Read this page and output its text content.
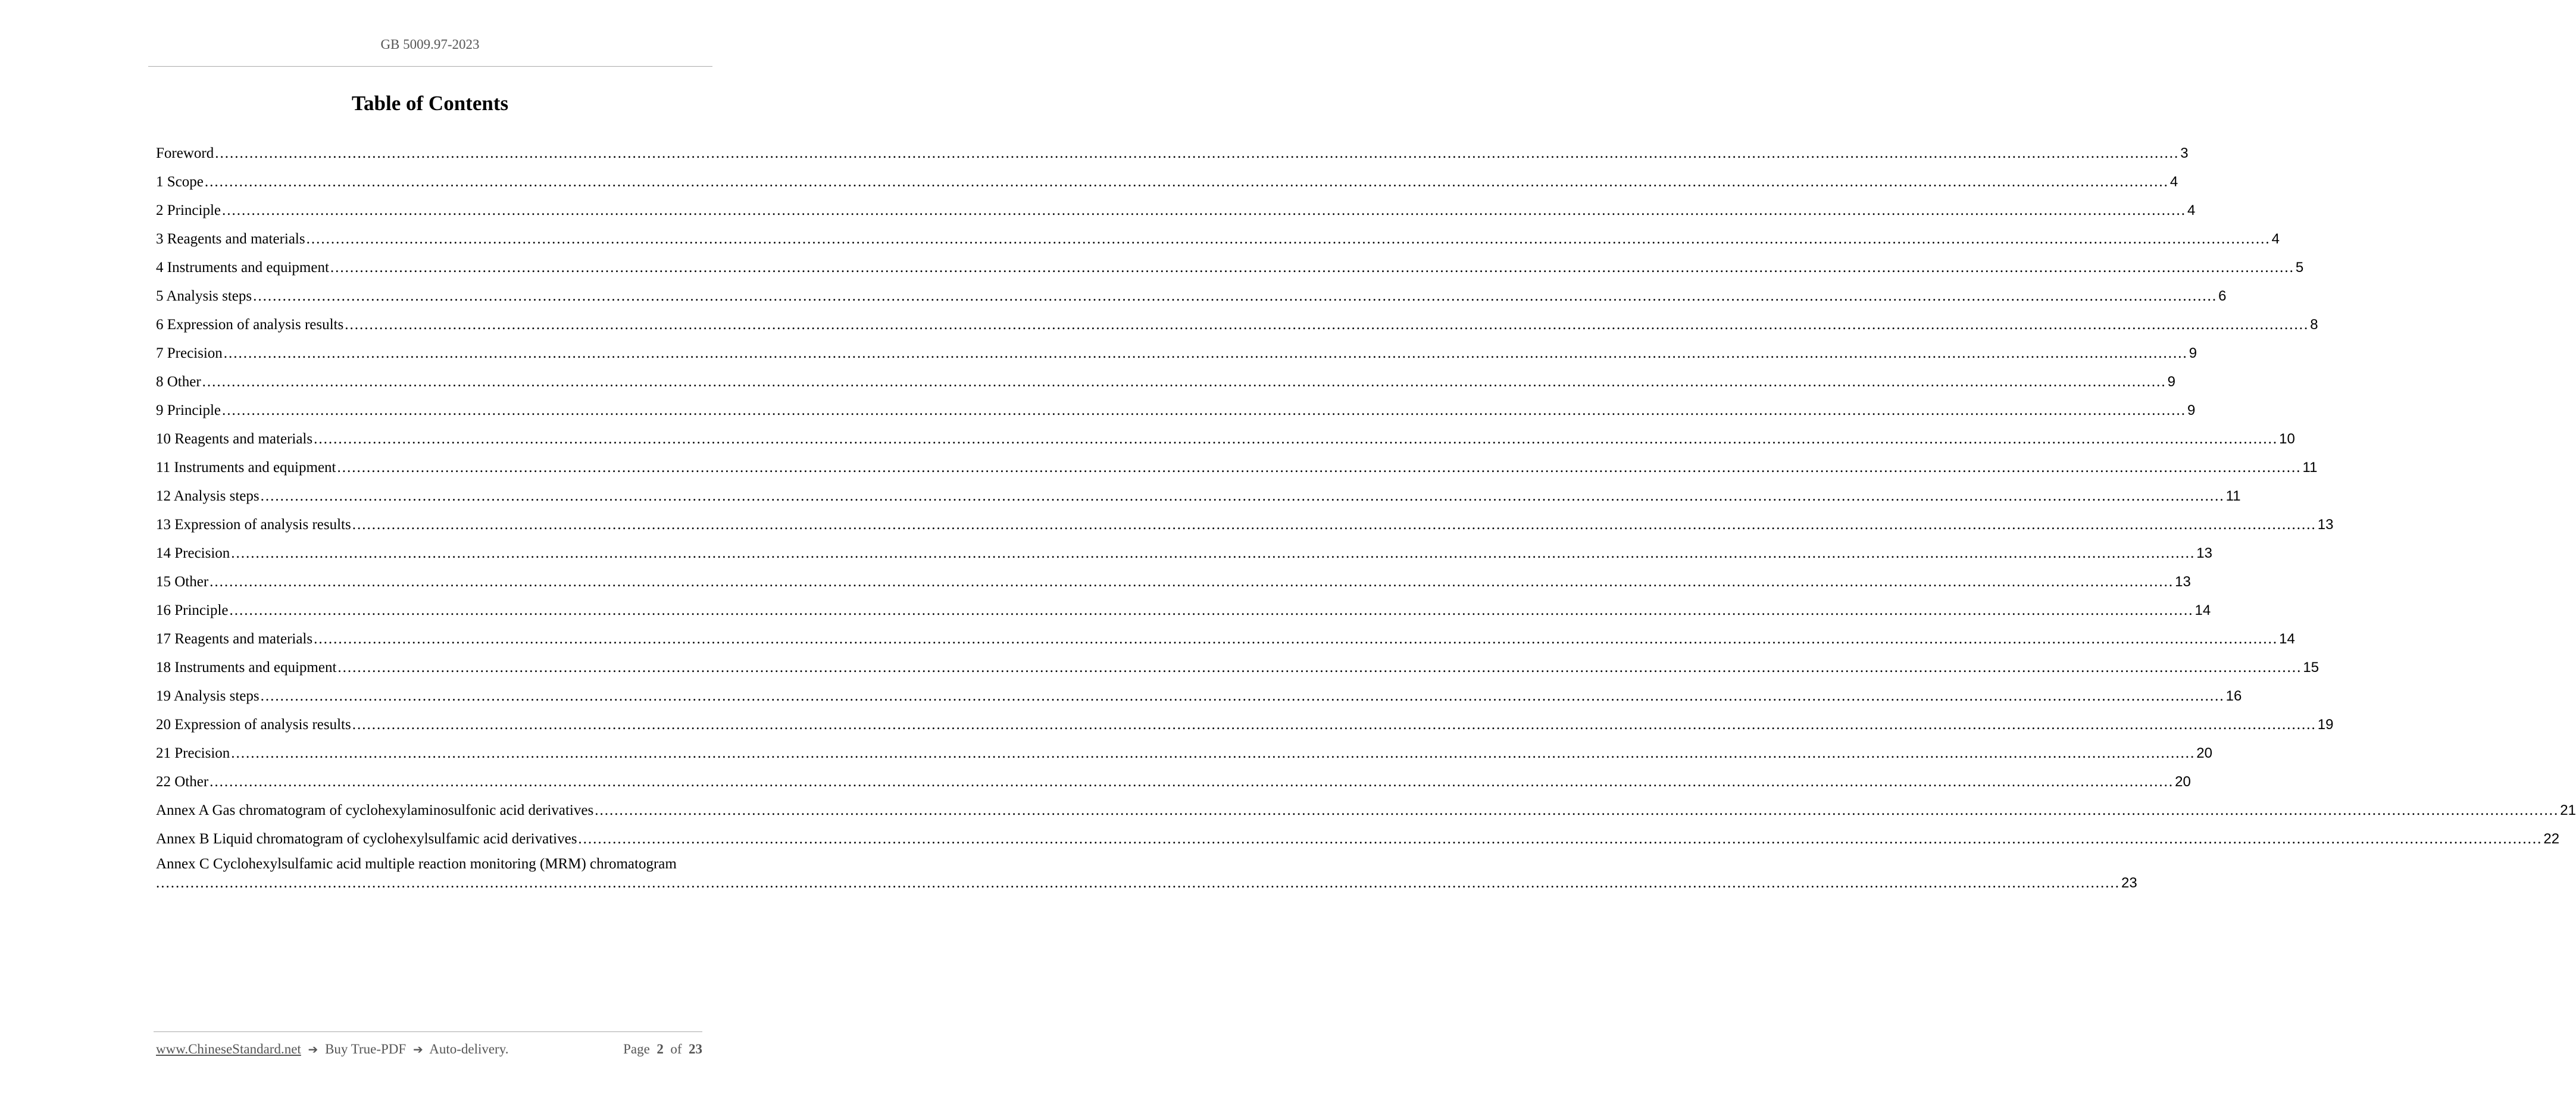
GB 5009.97-2023
Table of Contents
Foreword ................................................................................................................................................................................................................................................................................................................................................................................................................ 3
1 Scope ................................................................................................................................................................................................................................................................................................................................................................................................................ 4
2 Principle ................................................................................................................................................................................................................................................................................................................................................................................................................ 4
3 Reagents and materials ................................................................................................................................................................................................................................................................................................................................................................................................................ 4
4 Instruments and equipment ................................................................................................................................................................................................................................................................................................................................................................................................................ 5
5 Analysis steps ................................................................................................................................................................................................................................................................................................................................................................................................................ 6
6 Expression of analysis results ................................................................................................................................................................................................................................................................................................................................................................................................................ 8
7 Precision ................................................................................................................................................................................................................................................................................................................................................................................................................ 9
8 Other ................................................................................................................................................................................................................................................................................................................................................................................................................ 9
9 Principle ................................................................................................................................................................................................................................................................................................................................................................................................................ 9
10 Reagents and materials ................................................................................................................................................................................................................................................................................................................................................................................................................ 10
11 Instruments and equipment ................................................................................................................................................................................................................................................................................................................................................................................................................ 11
12 Analysis steps ................................................................................................................................................................................................................................................................................................................................................................................................................ 11
13 Expression of analysis results ................................................................................................................................................................................................................................................................................................................................................................................................................ 13
14 Precision ................................................................................................................................................................................................................................................................................................................................................................................................................ 13
15 Other ................................................................................................................................................................................................................................................................................................................................................................................................................ 13
16 Principle ................................................................................................................................................................................................................................................................................................................................................................................................................ 14
17 Reagents and materials ................................................................................................................................................................................................................................................................................................................................................................................................................ 14
18 Instruments and equipment ................................................................................................................................................................................................................................................................................................................................................................................................................ 15
19 Analysis steps ................................................................................................................................................................................................................................................................................................................................................................................................................ 16
20 Expression of analysis results ................................................................................................................................................................................................................................................................................................................................................................................................................ 19
21 Precision ................................................................................................................................................................................................................................................................................................................................................................................................................ 20
22 Other ................................................................................................................................................................................................................................................................................................................................................................................................................ 20
Annex A Gas chromatogram of cyclohexylaminosulfonic acid derivatives ................................................................................................................................................................................................................................................................................................................................................................................................................ 21
Annex B Liquid chromatogram of cyclohexylsulfamic acid derivatives ................................................................................................................................................................................................................................................................................................................................................................................................................ 22
Annex C Cyclohexylsulfamic acid multiple reaction monitoring (MRM) chromatogram
................................................................................................................................................................................................................................................................................................................................................................................................................ 23
www.ChineseStandard.net ➔ Buy True-PDF ➔ Auto-delivery.	Page 2 of 23
